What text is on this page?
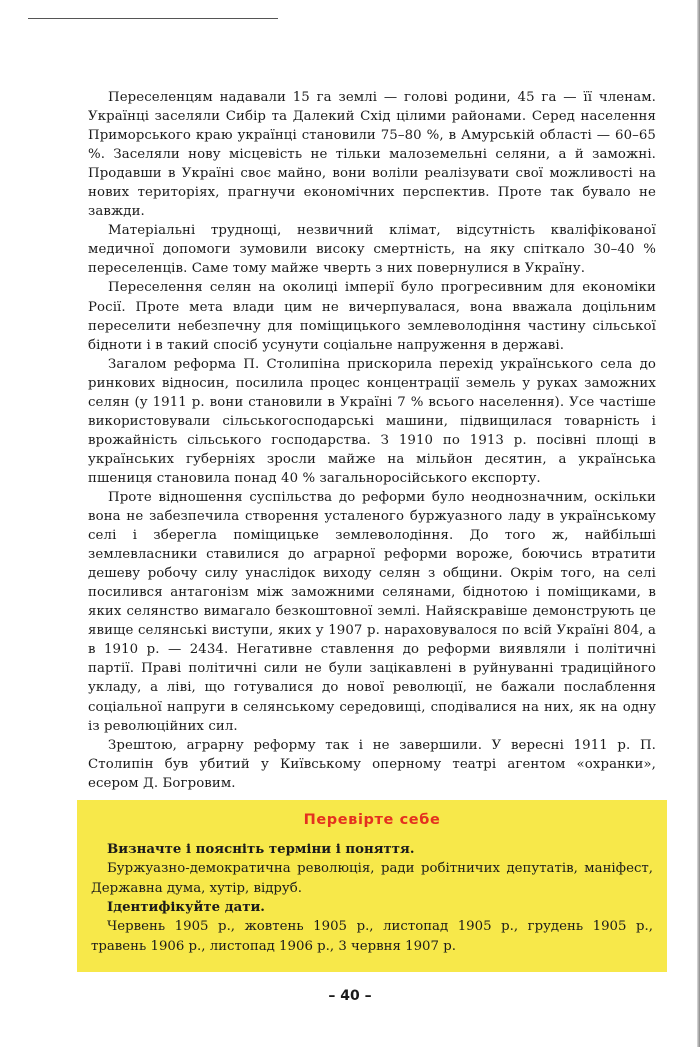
Переселенцям надавали 15 га землі — голові родини, 45 га — її членам. Українці заселяли Сибір та Далекий Схід цілими районами. Серед населення Приморського краю українці становили 75–80 %, в Амурській області — 60–65 %. Заселяли нову місцевість не тільки малоземельні селяни, а й заможні. Продавши в Україні своє майно, вони воліли реалізувати свої можливості на нових територіях, прагнучи економічних перспектив. Проте так бувало не завжди.

Матеріальні труднощі, незвичний клімат, відсутність кваліфікованої медичної допомоги зумовили високу смертність, на яку спіткало 30–40 % переселенців. Саме тому майже чверть з них повернулися в Україну.

Переселення селян на околиці імперії було прогресивним для економіки Росії. Проте мета влади цим не вичерпувалася, вона вважала доцільним переселити небезпечну для поміщицького землеволодіння частину сільської бідноти і в такий спосіб усунути соціальне напруження в державі.

Загалом реформа П. Столипіна прискорила перехід українського села до ринкових відносин, посилила процес концентрації земель у руках заможних селян (у 1911 р. вони становили в Україні 7 % всього населення). Усе частіше використовували сільськогосподарські машини, підвищилася товарність і врожайність сільського господарства. З 1910 по 1913 р. посівні площі в українських губерніях зросли майже на мільйон десятин, а українська пшениця становила понад 40 % загальноросійського експорту.

Проте відношення суспільства до реформи було неоднозначним, оскільки вона не забезпечила створення усталеного буржуазного ладу в українському селі і зберегла поміщицьке землеволодіння. До того ж, найбільші землевласники ставилися до аграрної реформи вороже, боючись втратити дешеву робочу силу унаслідок виходу селян з общини. Окрім того, на селі посилився антагонізм між заможними селянами, біднотою і поміщиками, в яких селянство вимагало безкоштовної землі. Найяскравіше демонструють це явище селянські виступи, яких у 1907 р. нараховувалося по всій Україні 804, а в 1910 р. — 2434. Негативне ставлення до реформи виявляли і політичні партії. Праві політичні сили не були зацікавлені в руйнуванні традиційного укладу, а ліві, що готувалися до нової революції, не бажали послаблення соціальної напруги в селянському середовищі, сподівалися на них, як на одну із революційних сил.

Зрештою, аграрну реформу так і не завершили. У вересні 1911 р. П. Столипін був убитий у Київському оперному театрі агентом «охранки», есером Д. Богровим.

Перевірте себе

Визначте і поясніть терміни і поняття.

Буржуазно-демократична революція, ради робітничих депутатів, маніфест, Державна дума, хутір, відруб.

Ідентифікуйте дати.

Червень 1905 р., жовтень 1905 р., листопад 1905 р., грудень 1905 р., травень 1906 р., листопад 1906 р., 3 червня 1907 р.

– 40 –
